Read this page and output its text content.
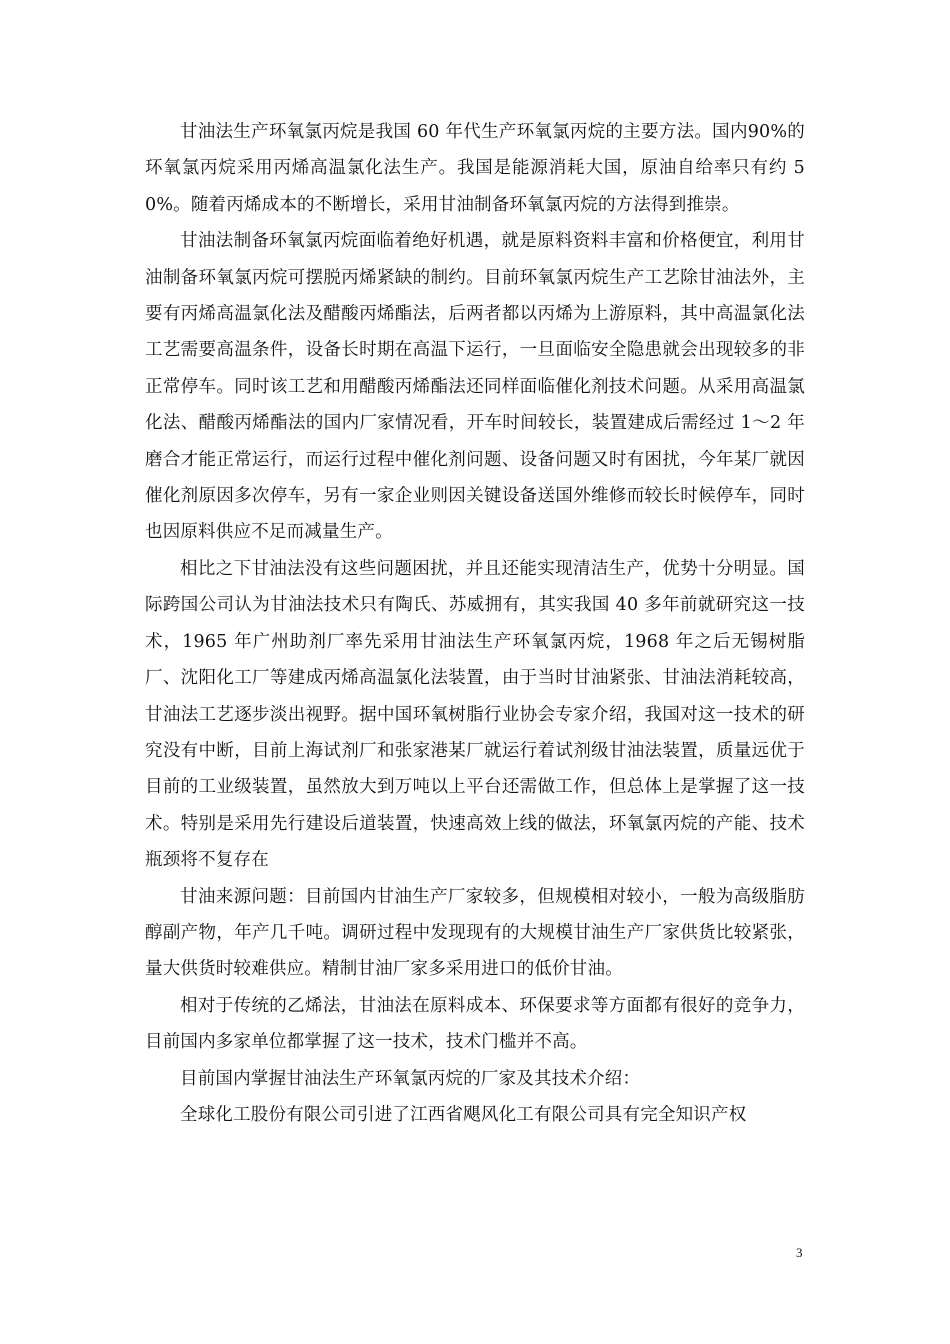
甘油法生产环氧氯丙烷是我国 60 年代生产环氧氯丙烷的主要方法。国内90%的环氧氯丙烷采用丙烯高温氯化法生产。我国是能源消耗大国，原油自给率只有约 50%。随着丙烯成本的不断增长，采用甘油制备环氧氯丙烷的方法得到推崇。

甘油法制备环氧氯丙烷面临着绝好机遇，就是原料资料丰富和价格便宜，利用甘油制备环氧氯丙烷可摆脱丙烯紧缺的制约。目前环氧氯丙烷生产工艺除甘油法外，主要有丙烯高温氯化法及醋酸丙烯酯法，后两者都以丙烯为上游原料，其中高温氯化法工艺需要高温条件，设备长时期在高温下运行，一旦面临安全隐患就会出现较多的非正常停车。同时该工艺和用醋酸丙烯酯法还同样面临催化剂技术问题。从采用高温氯化法、醋酸丙烯酯法的国内厂家情况看，开车时间较长，装置建成后需经过 1～2 年磨合才能正常运行，而运行过程中催化剂问题、设备问题又时有困扰，今年某厂就因催化剂原因多次停车，另有一家企业则因关键设备送国外维修而较长时候停车，同时也因原料供应不足而减量生产。

相比之下甘油法没有这些问题困扰，并且还能实现清洁生产，优势十分明显。国际跨国公司认为甘油法技术只有陶氏、苏威拥有，其实我国 40 多年前就研究这一技术，1965 年广州助剂厂率先采用甘油法生产环氧氯丙烷，1968 年之后无锡树脂厂、沈阳化工厂等建成丙烯高温氯化法装置，由于当时甘油紧张、甘油法消耗较高，甘油法工艺逐步淡出视野。据中国环氧树脂行业协会专家介绍，我国对这一技术的研究没有中断，目前上海试剂厂和张家港某厂就运行着试剂级甘油法装置，质量远优于目前的工业级装置，虽然放大到万吨以上平台还需做工作，但总体上是掌握了这一技术。特别是采用先行建设后道装置，快速高效上线的做法，环氧氯丙烷的产能、技术瓶颈将不复存在

甘油来源问题：目前国内甘油生产厂家较多，但规模相对较小，一般为高级脂肪醇副产物，年产几千吨。调研过程中发现现有的大规模甘油生产厂家供货比较紧张，量大供货时较难供应。精制甘油厂家多采用进口的低价甘油。

相对于传统的乙烯法，甘油法在原料成本、环保要求等方面都有很好的竞争力，目前国内多家单位都掌握了这一技术，技术门槛并不高。

目前国内掌握甘油法生产环氧氯丙烷的厂家及其技术介绍：

全球化工股份有限公司引进了江西省飓风化工有限公司具有完全知识产权

3
